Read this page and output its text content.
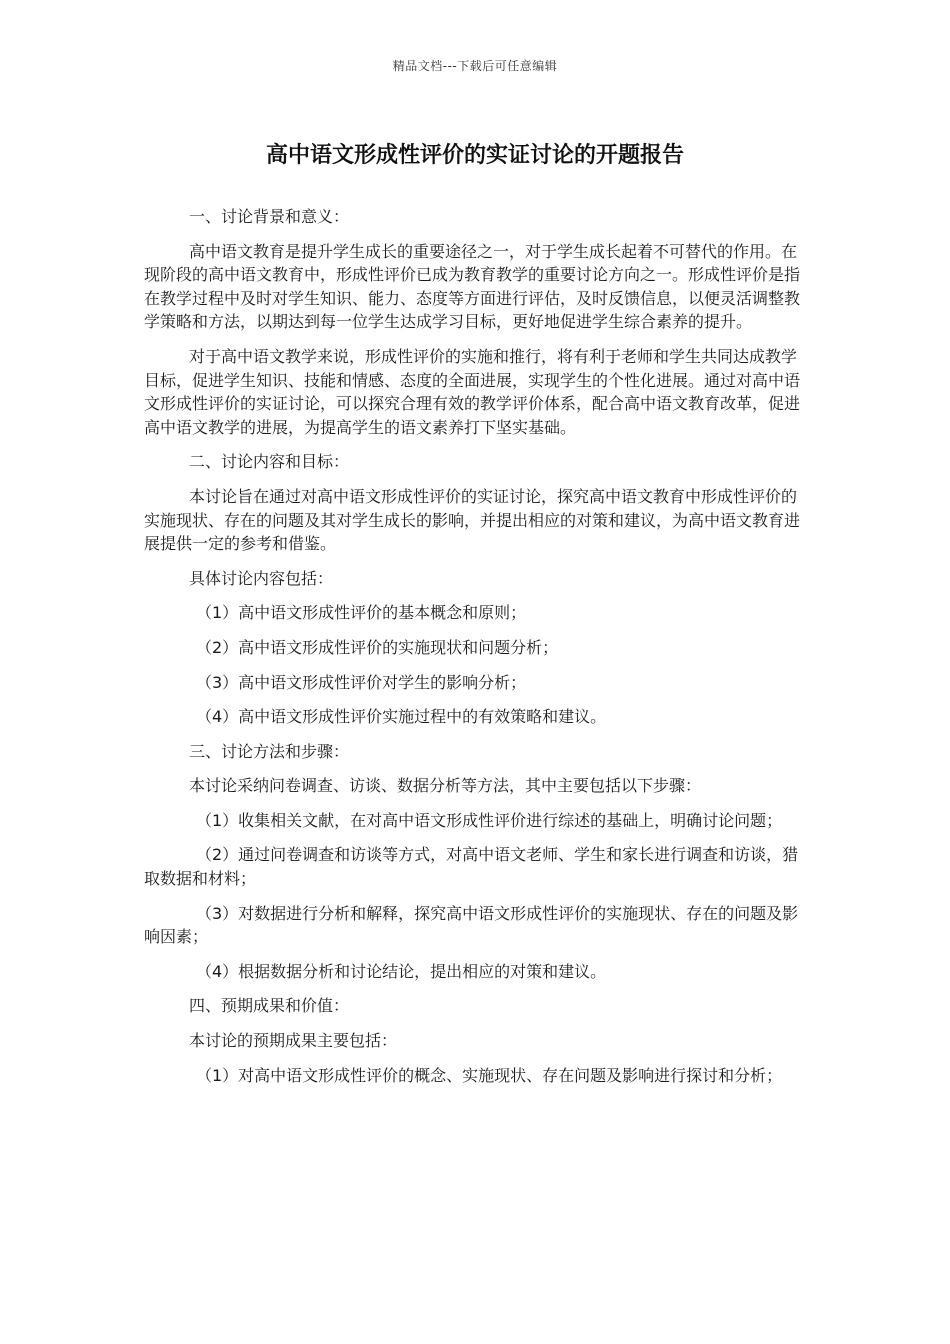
精品文档---下载后可任意编辑
高中语文形成性评价的实证讨论的开题报告

一、讨论背景和意义：

高中语文教育是提升学生成长的重要途径之一，对于学生成长起着不可替代的作用。在现阶段的高中语文教育中，形成性评价已成为教育教学的重要讨论方向之一。形成性评价是指在教学过程中及时对学生知识、能力、态度等方面进行评估，及时反馈信息，以便灵活调整教学策略和方法，以期达到每一位学生达成学习目标，更好地促进学生综合素养的提升。

对于高中语文教学来说，形成性评价的实施和推行，将有利于老师和学生共同达成教学目标，促进学生知识、技能和情感、态度的全面进展，实现学生的个性化进展。通过对高中语文形成性评价的实证讨论，可以探究合理有效的教学评价体系，配合高中语文教育改革，促进高中语文教学的进展，为提高学生的语文素养打下坚实基础。

二、讨论内容和目标：

本讨论旨在通过对高中语文形成性评价的实证讨论，探究高中语文教育中形成性评价的实施现状、存在的问题及其对学生成长的影响，并提出相应的对策和建议，为高中语文教育进展提供一定的参考和借鉴。

具体讨论内容包括：

（1）高中语文形成性评价的基本概念和原则；

（2）高中语文形成性评价的实施现状和问题分析；

（3）高中语文形成性评价对学生的影响分析；

（4）高中语文形成性评价实施过程中的有效策略和建议。

三、讨论方法和步骤：

本讨论采纳问卷调查、访谈、数据分析等方法，其中主要包括以下步骤：

（1）收集相关文献，在对高中语文形成性评价进行综述的基础上，明确讨论问题；

（2）通过问卷调查和访谈等方式，对高中语文老师、学生和家长进行调查和访谈，猎取数据和材料；

（3）对数据进行分析和解释，探究高中语文形成性评价的实施现状、存在的问题及影响因素；

（4）根据数据分析和讨论结论，提出相应的对策和建议。

四、预期成果和价值：

本讨论的预期成果主要包括：

（1）对高中语文形成性评价的概念、实施现状、存在问题及影响进行探讨和分析；
